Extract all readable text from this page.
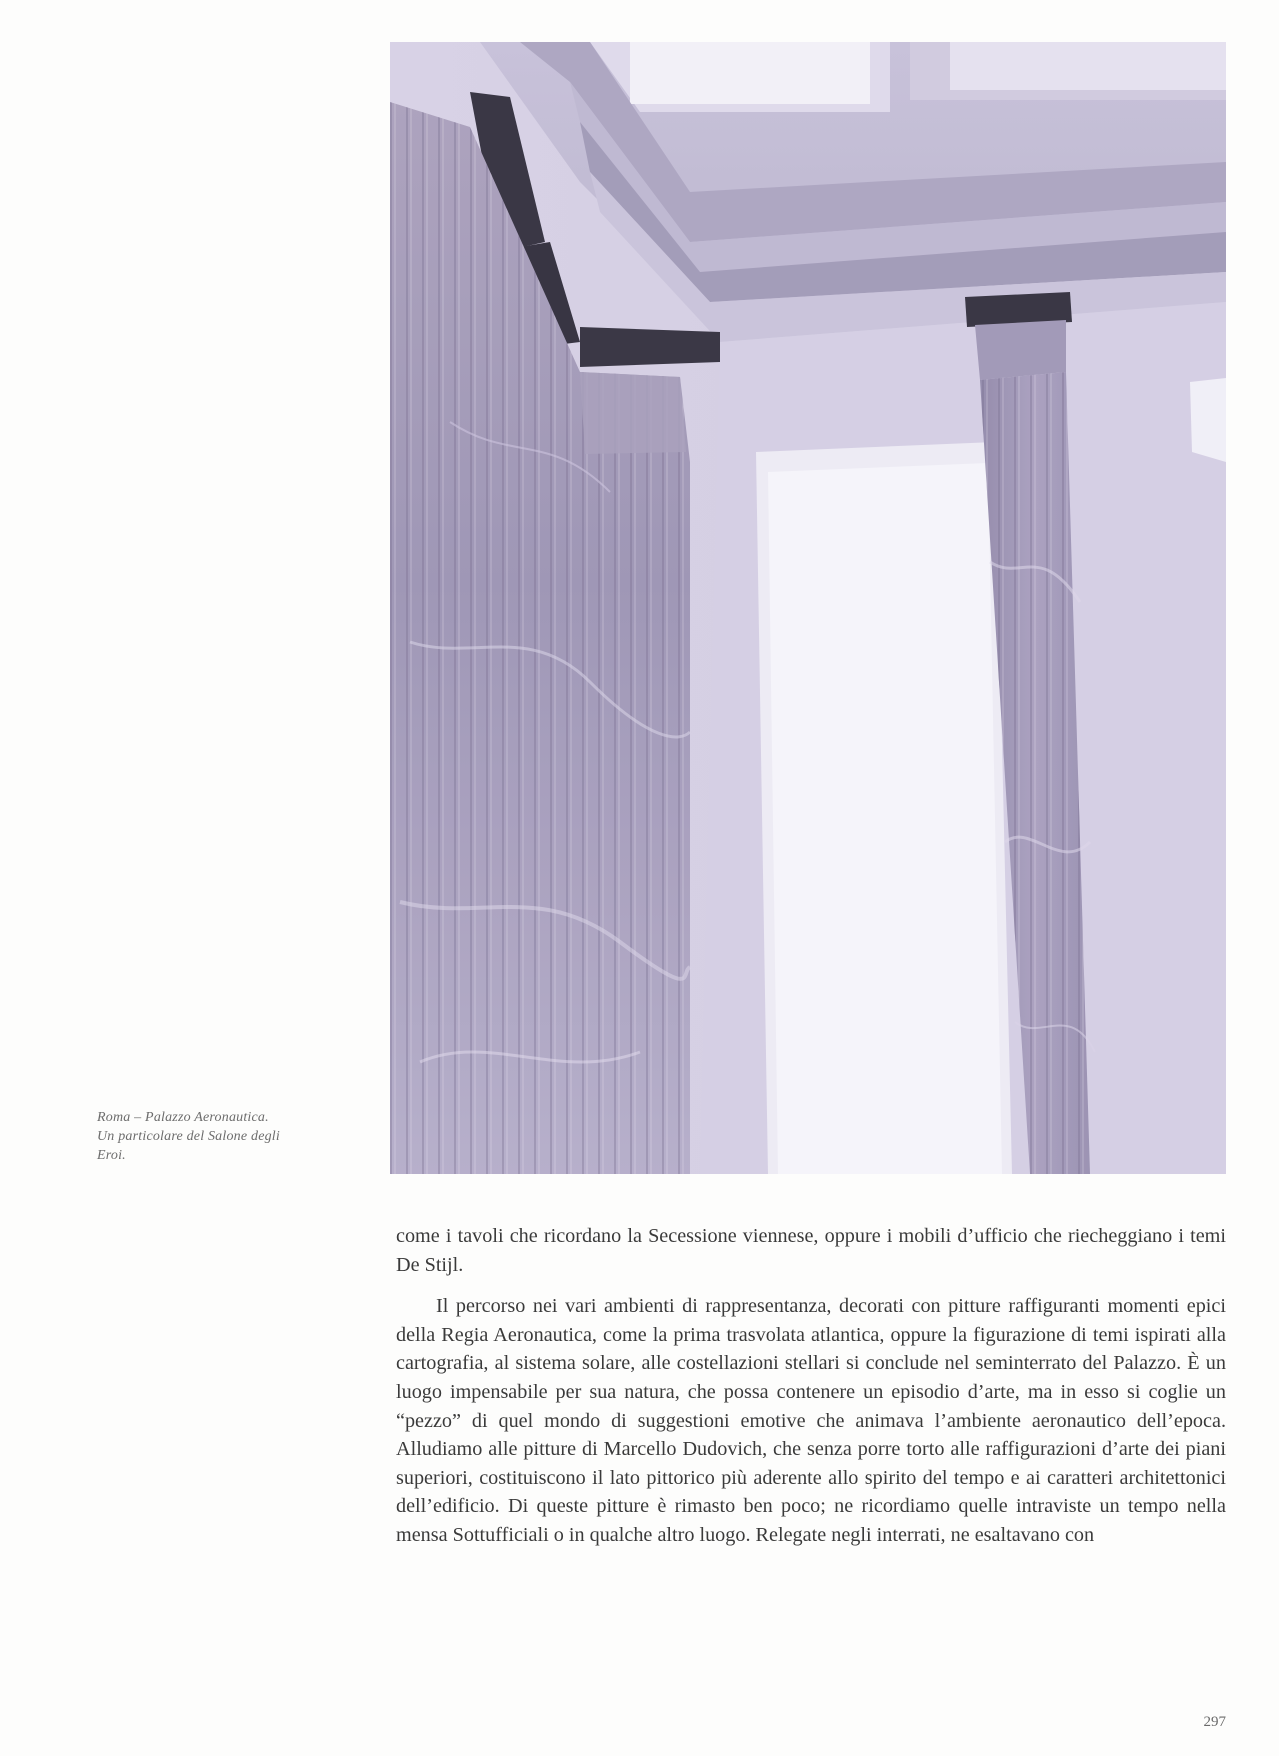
Roma – Palazzo Aeronautica.
Un particolare del Salone degli
Eroi.

come i tavoli che ricordano la Secessione viennese, oppure i mobili d’ufficio che riecheggiano i temi De Stijl.

Il percorso nei vari ambienti di rappresentanza, decorati con pitture raffiguranti momenti epici della Regia Aeronautica, come la prima trasvolata atlantica, oppure la figurazione di temi ispirati alla cartografia, al sistema solare, alle costellazioni stellari si conclude nel seminterrato del Palazzo. È un luogo impensabile per sua natura, che possa contenere un episodio d’arte, ma in esso si coglie un “pezzo” di quel mondo di suggestioni emotive che animava l’ambiente aeronautico dell’epoca. Alludiamo alle pitture di Marcello Dudovich, che senza porre torto alle raffigurazioni d’arte dei piani superiori, costituiscono il lato pittorico più aderente allo spirito del tempo e ai caratteri architettonici dell’edificio. Di queste pitture è rimasto ben poco; ne ricordiamo quelle intraviste un tempo nella mensa Sottufficiali o in qualche altro luogo. Relegate negli interrati, ne esaltavano con

297
